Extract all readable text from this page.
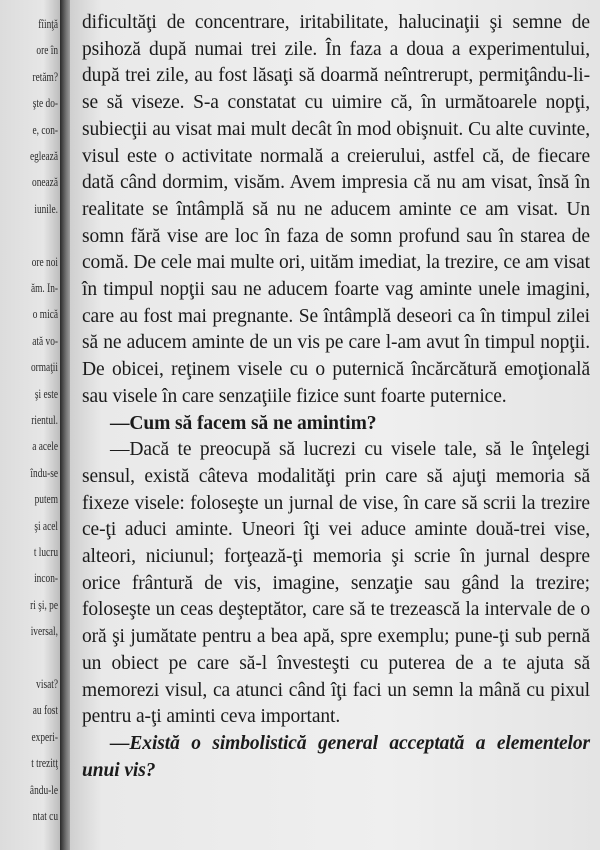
fîinţă
ore în
retăm?
şte do-
e, con-
eglează
onează
iunile.
ore noi
ăm. In-
o mică
ată vo-
ormaţii
şi este
rientul.
a acele
îndu-se
putem
şi acel
t lucru
incon-
ri şi, pe
iversal,
visat?
au fost
experi-
t trezitţ
ându-le
ntat cu

dificultăţi de concentrare, iritabilitate, halucinaţii şi semne de psihoză după numai trei zile. În faza a doua a experimentului, după trei zile, au fost lăsaţi să doarmă neîntrerupt, permiţându-li-se să viseze. S-a constatat cu uimire că, în următoarele nopţi, subiecţii au visat mai mult decât în mod obişnuit. Cu alte cuvinte, visul este o activitate normală a creierului, astfel că, de fiecare dată când dormim, visăm. Avem impresia că nu am visat, însă în realitate se întâmplă să nu ne aducem aminte ce am visat. Un somn fără vise are loc în faza de somn profund sau în starea de comă. De cele mai multe ori, uităm imediat, la trezire, ce am visat în timpul nopţii sau ne aducem foarte vag aminte unele imagini, care au fost mai pregnante. Se întâmplă deseori ca în timpul zilei să ne aducem aminte de un vis pe care l-am avut în timpul nopţii. De obicei, reţinem visele cu o puternică încărcătură emoţională sau visele în care senzaţiile fizice sunt foarte puternice.

—Cum să facem să ne amintim?

—Dacă te preocupă să lucrezi cu visele tale, să le înţelegi sensul, există câteva modalităţi prin care să ajuţi memoria să fixeze visele: foloseşte un jurnal de vise, în care să scrii la trezire ce-ţi aduci aminte. Uneori îţi vei aduce aminte două-trei vise, alteori, niciunul; forţează-ţi memoria şi scrie în jurnal despre orice frântură de vis, imagine, senzaţie sau gând la trezire; foloseşte un ceas deşteptător, care să te trezească la intervale de o oră şi jumătate pentru a bea apă, spre exemplu; pune-ţi sub pernă un obiect pe care să-l învesteşti cu puterea de a te ajuta să memorezi visul, ca atunci când îţi faci un semn la mână cu pixul pentru a-ţi aminti ceva important.

—Există o simbolistică general acceptată a elementelor unui vis?
